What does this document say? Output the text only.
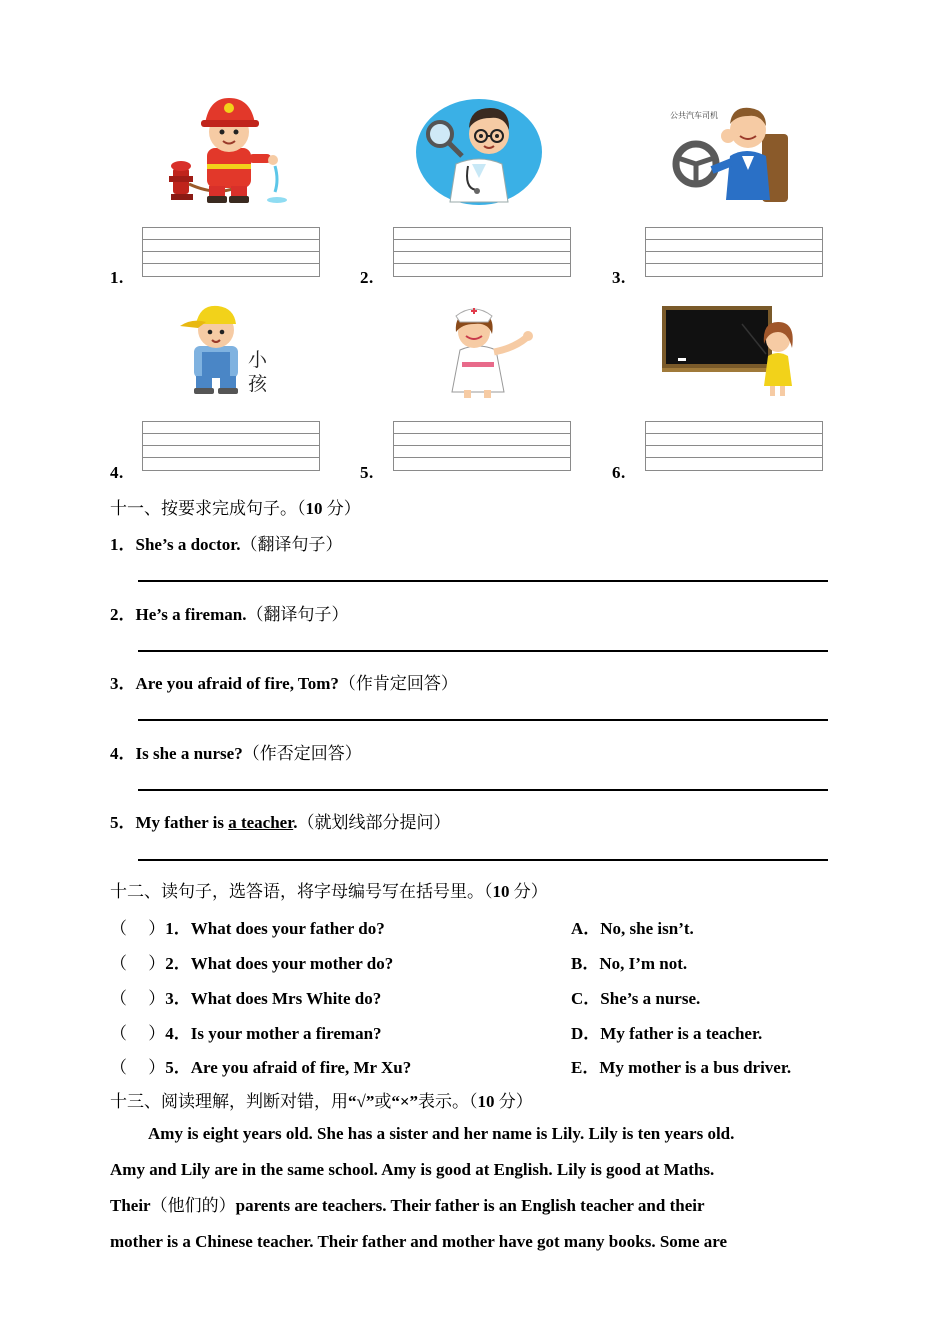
公共汽车司机
1 .	2 .	3 .
小
孩
4 .	5 .	6 .
十一、按要求完成句子。（10 分）
1．She’s a doctor.（翻译句子）
2．He’s a fireman.（翻译句子）
3．Are you afraid of fire, Tom?（作肯定回答）
4．Is she a nurse?（作否定回答）
5．My father is a teacher.（就划线部分提问）
十二、读句子，选答语，将字母编号写在括号里。（10 分）
（　 ）1．What does your father do?	A．No, she isn’t.
（　 ）2．What does your mother do?	B．No, I’m not.
（　 ）3．What does Mrs White do?	C．She’s a nurse.
（　 ）4．Is your mother a fireman?	D．My father is a teacher.
（　 ）5．Are you afraid of fire, Mr Xu?	E．My mother is a bus driver.
十三、阅读理解，判断对错，用“√”或“×”表示。（10 分）
Amy is eight years old. She has a sister and her name is Lily. Lily is ten years old.
Amy and Lily are in the same school. Amy is good at English. Lily is good at Maths.
Their（他们的）parents are teachers. Their father is an English teacher and their
mother is a Chinese teacher. Their father and mother have got many books. Some are
